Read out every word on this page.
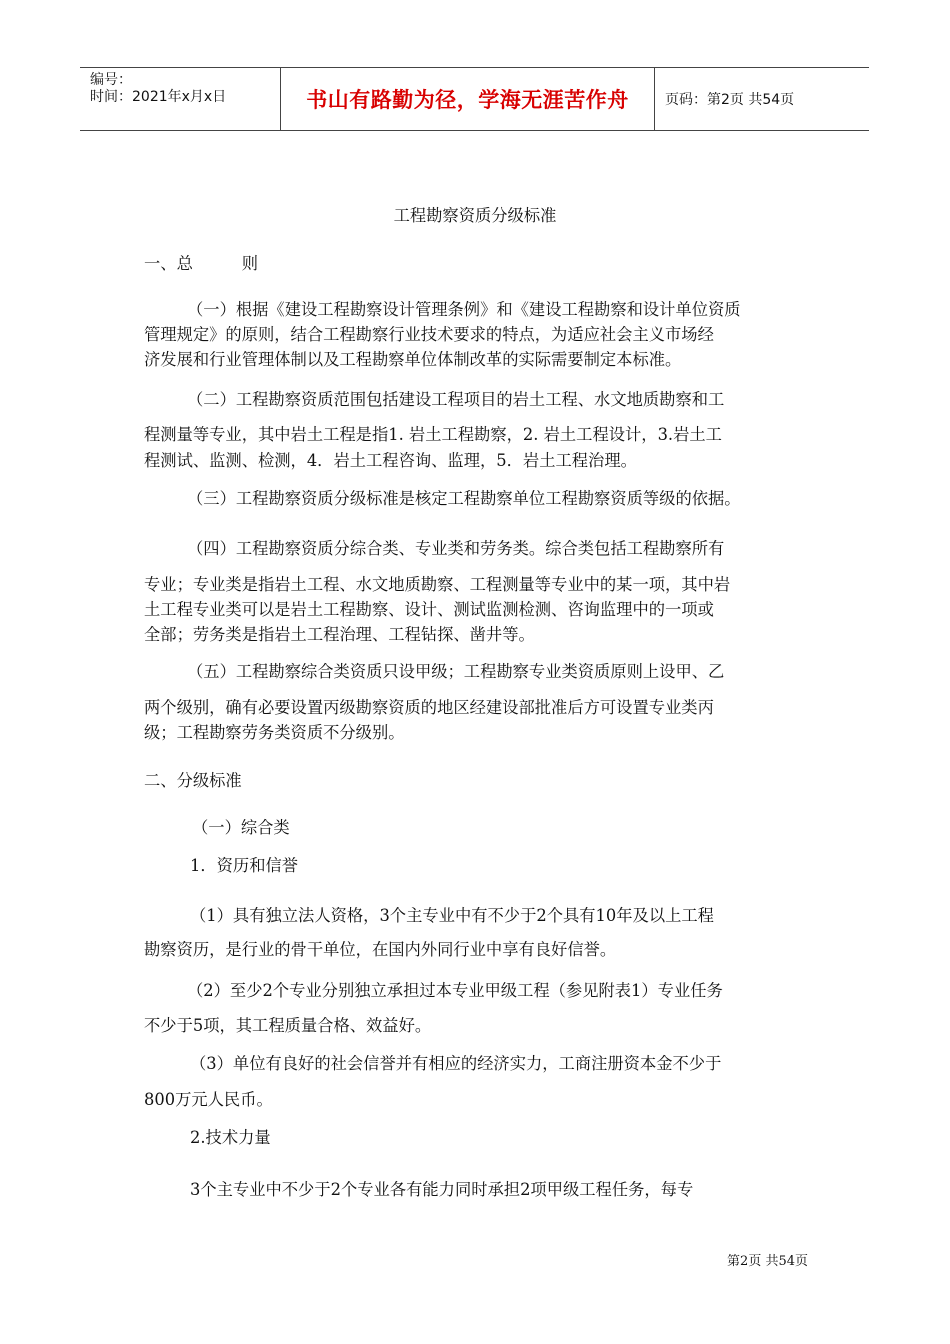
编号：
时间：2021年x月x日	书山有路勤为径，学海无涯苦作舟	页码：第2页 共54页
工程勘察资质分级标准
一、总　　　则
（一）根据《建设工程勘察设计管理条例》和《建设工程勘察和设计单位资质
管理规定》的原则，结合工程勘察行业技术要求的特点，为适应社会主义市场经
济发展和行业管理体制以及工程勘察单位体制改革的实际需要制定本标准。
（二）工程勘察资质范围包括建设工程项目的岩土工程、水文地质勘察和工
程测量等专业，其中岩土工程是指1. 岩土工程勘察，2. 岩土工程设计，3.岩土工
程测试、监测、检测，4．岩土工程咨询、监理，5．岩土工程治理。
（三）工程勘察资质分级标准是核定工程勘察单位工程勘察资质等级的依据。
（四）工程勘察资质分综合类、专业类和劳务类。综合类包括工程勘察所有
专业；专业类是指岩土工程、水文地质勘察、工程测量等专业中的某一项，其中岩
土工程专业类可以是岩土工程勘察、设计、测试监测检测、咨询监理中的一项或
全部；劳务类是指岩土工程治理、工程钻探、凿井等。
（五）工程勘察综合类资质只设甲级；工程勘察专业类资质原则上设甲、乙
两个级别，确有必要设置丙级勘察资质的地区经建设部批准后方可设置专业类丙
级；工程勘察劳务类资质不分级别。
二、分级标准
（一）综合类
1．资历和信誉
（1）具有独立法人资格，3个主专业中有不少于2个具有10年及以上工程
勘察资历，是行业的骨干单位，在国内外同行业中享有良好信誉。
（2）至少2个专业分别独立承担过本专业甲级工程（参见附表1）专业任务
不少于5项，其工程质量合格、效益好。
（3）单位有良好的社会信誉并有相应的经济实力，工商注册资本金不少于
800万元人民币。
2.技术力量
3个主专业中不少于2个专业各有能力同时承担2项甲级工程任务，每专
第2页 共54页
